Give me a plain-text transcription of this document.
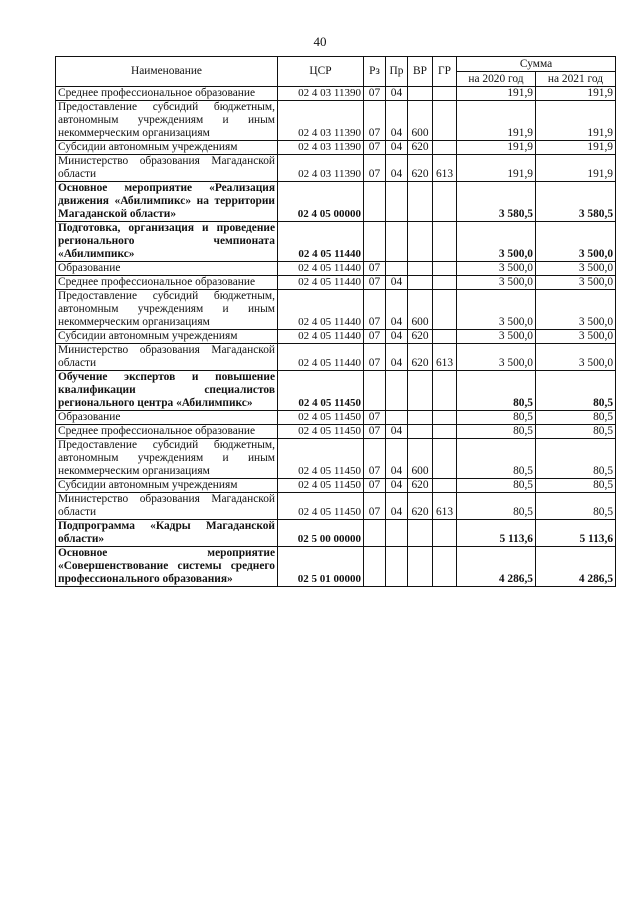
40
Наименование	ЦСР	Рз	Пр	ВР	ГР	Сумма	
						на 2020 год	на 2021 год
Среднее профессиональное образование	02 4 03 11390	07	04			191,9	191,9
Предоставление субсидий бюджетным, автономным учреждениям и иным некоммерческим организациям	02 4 03 11390	07	04	600		191,9	191,9
Субсидии автономным учреждениям	02 4 03 11390	07	04	620		191,9	191,9
Министерство образования Магаданской области	02 4 03 11390	07	04	620	613	191,9	191,9
Основное мероприятие «Реализация движения «Абилимпикс» на территории Магаданской области»	02 4 05 00000					3 580,5	3 580,5
Подготовка, организация и проведение регионального чемпионата «Абилимпикс»	02 4 05 11440					3 500,0	3 500,0
Образование	02 4 05 11440	07				3 500,0	3 500,0
Среднее профессиональное образование	02 4 05 11440	07	04			3 500,0	3 500,0
Предоставление субсидий бюджетным, автономным учреждениям и иным некоммерческим организациям	02 4 05 11440	07	04	600		3 500,0	3 500,0
Субсидии автономным учреждениям	02 4 05 11440	07	04	620		3 500,0	3 500,0
Министерство образования Магаданской области	02 4 05 11440	07	04	620	613	3 500,0	3 500,0
Обучение экспертов и повышение квалификации специалистов регионального центра «Абилимпикс»	02 4 05 11450					80,5	80,5
Образование	02 4 05 11450	07				80,5	80,5
Среднее профессиональное образование	02 4 05 11450	07	04			80,5	80,5
Предоставление субсидий бюджетным, автономным учреждениям и иным некоммерческим организациям	02 4 05 11450	07	04	600		80,5	80,5
Субсидии автономным учреждениям	02 4 05 11450	07	04	620		80,5	80,5
Министерство образования Магаданской области	02 4 05 11450	07	04	620	613	80,5	80,5
Подпрограмма «Кадры Магаданской области»	02 5 00 00000					5 113,6	5 113,6
Основное мероприятие «Совершенствование системы среднего профессионального образования»	02 5 01 00000					4 286,5	4 286,5
